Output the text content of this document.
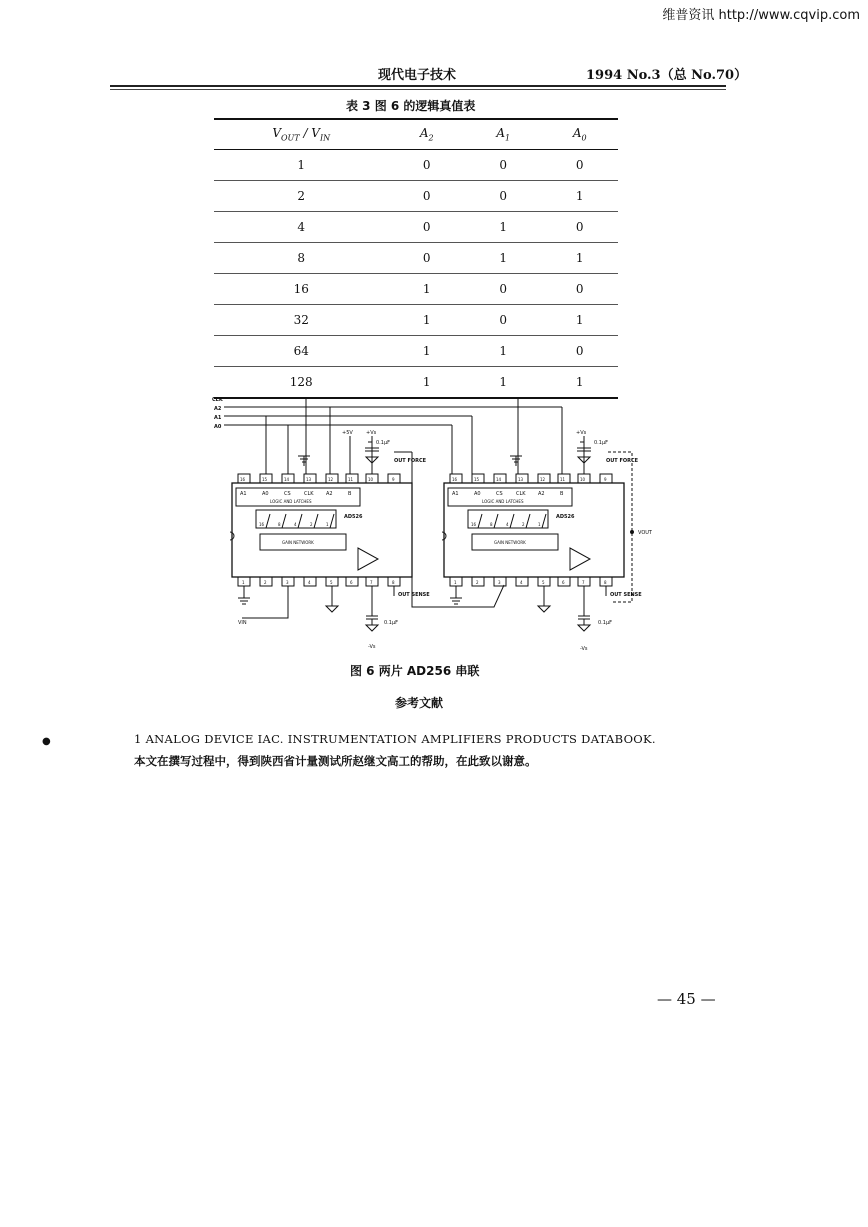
维普资讯 http://www.cqvip.com
现代电子技术	1994 No.3（总 No.70）
表 3 图 6 的逻辑真值表
$V_{OUT} / V_{IN}$	$A_2$	$A_1$	$A_0$
1	0	0	0
2	0	0	1
4	0	1	0
8	0	1	1
16	1	0	0
32	1	0	1
64	1	1	0
128	1	1	1
CLK
A2
A1
A0
A1	A0	CS	CLK A2	B
LOGIC AND LATCHES
AD526
16	8	4	2	1
GAIN NETWORK
A1	A0	CS	CLK A2	B
LOGIC AND LATCHES
AD526
16	8	4	2	1
GAIN NETWORK
16	15	14	13	12	11	10	9
1	2	3	4	5	6	7	8
16	15	14	13	12	11	10	9
1	2	3	4	5	6	7	8
+5V	+Vs
0.1μF
+Vs
0.1μF
OUT FORCE	OUT FORCE
VOUT
VIN
OUT SENSE
0.1μF
-Vs
OUT SENSE
0.1μF
-Vs
图 6 两片 AD256 串联
参考文献
●	1 ANALOG DEVICE IAC. INSTRUMENTATION AMPLIFIERS PRODUCTS DATABOOK.
本文在撰写过程中，得到陕西省计量测试所赵继文高工的帮助，在此致以谢意。
— 45 —
